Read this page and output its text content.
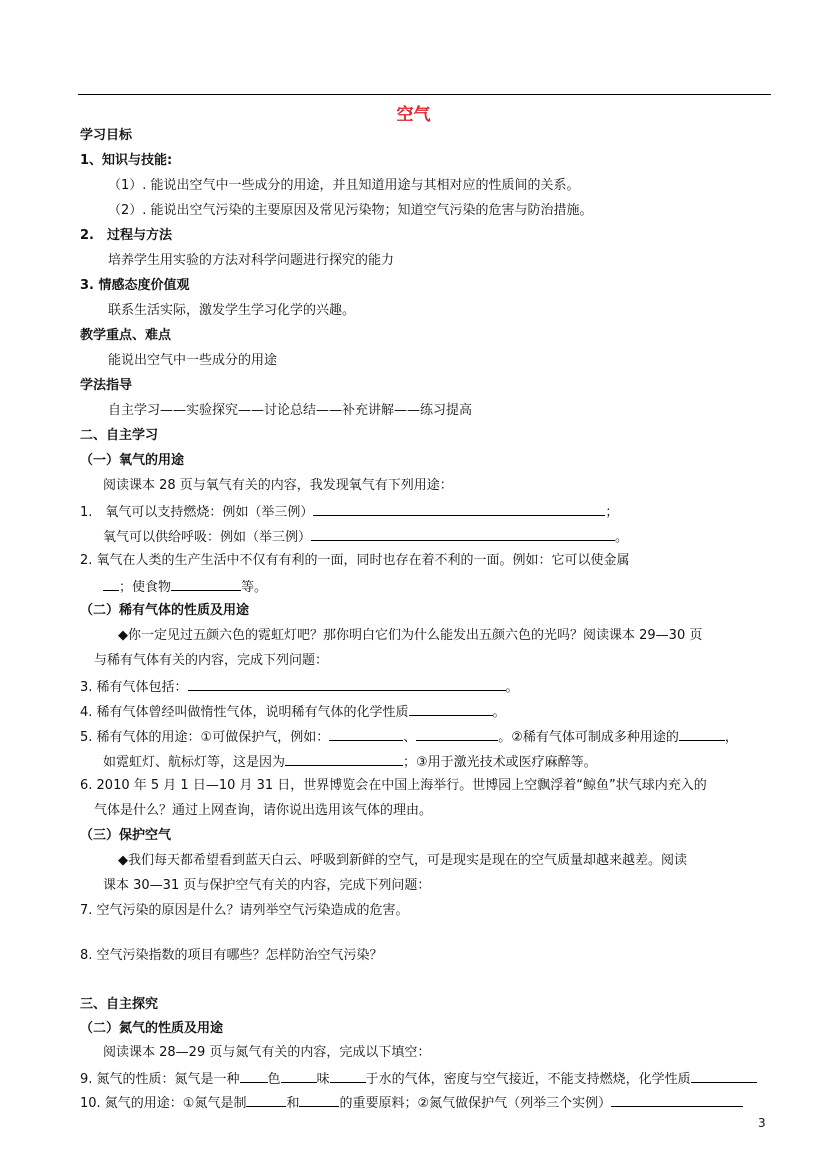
空气
学习目标
1、知识与技能:
（1）. 能说出空气中一些成分的用途，并且知道用途与其相对应的性质间的关系。
（2）. 能说出空气污染的主要原因及常见污染物；知道空气污染的危害与防治措施。
2.　过程与方法
培养学生用实验的方法对科学问题进行探究的能力
3. 情感态度价值观
联系生活实际，激发学生学习化学的兴趣。
教学重点、难点
能说出空气中一些成分的用途
学法指导
自主学习——实验探究——讨论总结——补充讲解——练习提高
二、自主学习
（一）氧气的用途
阅读课本 28 页与氧气有关的内容，我发现氧气有下列用途：
1.　氧气可以支持燃烧：例如（举三例）	；
氧气可以供给呼吸：例如（举三例）	。
2. 氧气在人类的生产生活中不仅有有利的一面，同时也存在着不利的一面。例如：它可以使金属
；使食物	等。
（二）稀有气体的性质及用途
◆你一定见过五颜六色的霓虹灯吧？那你明白它们为什么能发出五颜六色的光吗？阅读课本 29—30 页
与稀有气体有关的内容，完成下列问题：
3. 稀有气体包括：	。
4. 稀有气体曾经叫做惰性气体，说明稀有气体的化学性质	。
5. 稀有气体的用途：①可做保护气，例如：	、	。②稀有气体可制成多种用途的	，
如霓虹灯、航标灯等，这是因为	；③用于激光技术或医疗麻醉等。
6. 2010 年 5 月 1 日—10 月 31 日，世界博览会在中国上海举行。世博园上空飘浮着“鲸鱼”状气球内充入的
气体是什么？通过上网查询，请你说出选用该气体的理由。
（三）保护空气
◆我们每天都希望看到蓝天白云、呼吸到新鲜的空气，可是现实是现在的空气质量却越来越差。阅读
课本 30—31 页与保护空气有关的内容，完成下列问题：
7. 空气污染的原因是什么？请列举空气污染造成的危害。
8. 空气污染指数的项目有哪些？怎样防治空气污染？
三、自主探究
（二）氮气的性质及用途
阅读课本 28—29 页与氮气有关的内容，完成以下填空：
9. 氮气的性质：氮气是一种 色	味	于水的气体，密度与空气接近，不能支持燃烧，化学性质
10. 氮气的用途：①氮气是制	和	的重要原料；②氮气做保护气（列举三个实例）
3
